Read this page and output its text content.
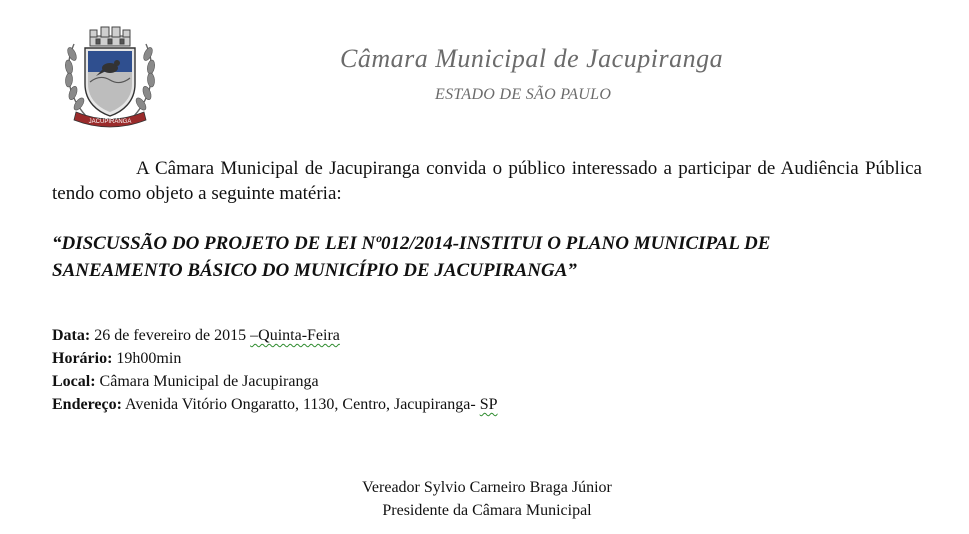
JACUPIRANGA
Câmara Municipal de Jacupiranga
ESTADO DE SÃO PAULO

A Câmara Municipal de Jacupiranga convida o público interessado a participar de Audiência Pública tendo como objeto a seguinte matéria:

“DISCUSSÃO DO PROJETO DE LEI Nº012/2014-INSTITUI O PLANO MUNICIPAL DE
SANEAMENTO BÁSICO DO MUNICÍPIO DE JACUPIRANGA”

Data: 26 de fevereiro de 2015 –Quinta-Feira
Horário: 19h00min
Local: Câmara Municipal de Jacupiranga
Endereço: Avenida Vitório Ongaratto, 1130, Centro, Jacupiranga- SP
Vereador Sylvio Carneiro Braga Júnior
Presidente da Câmara Municipal
